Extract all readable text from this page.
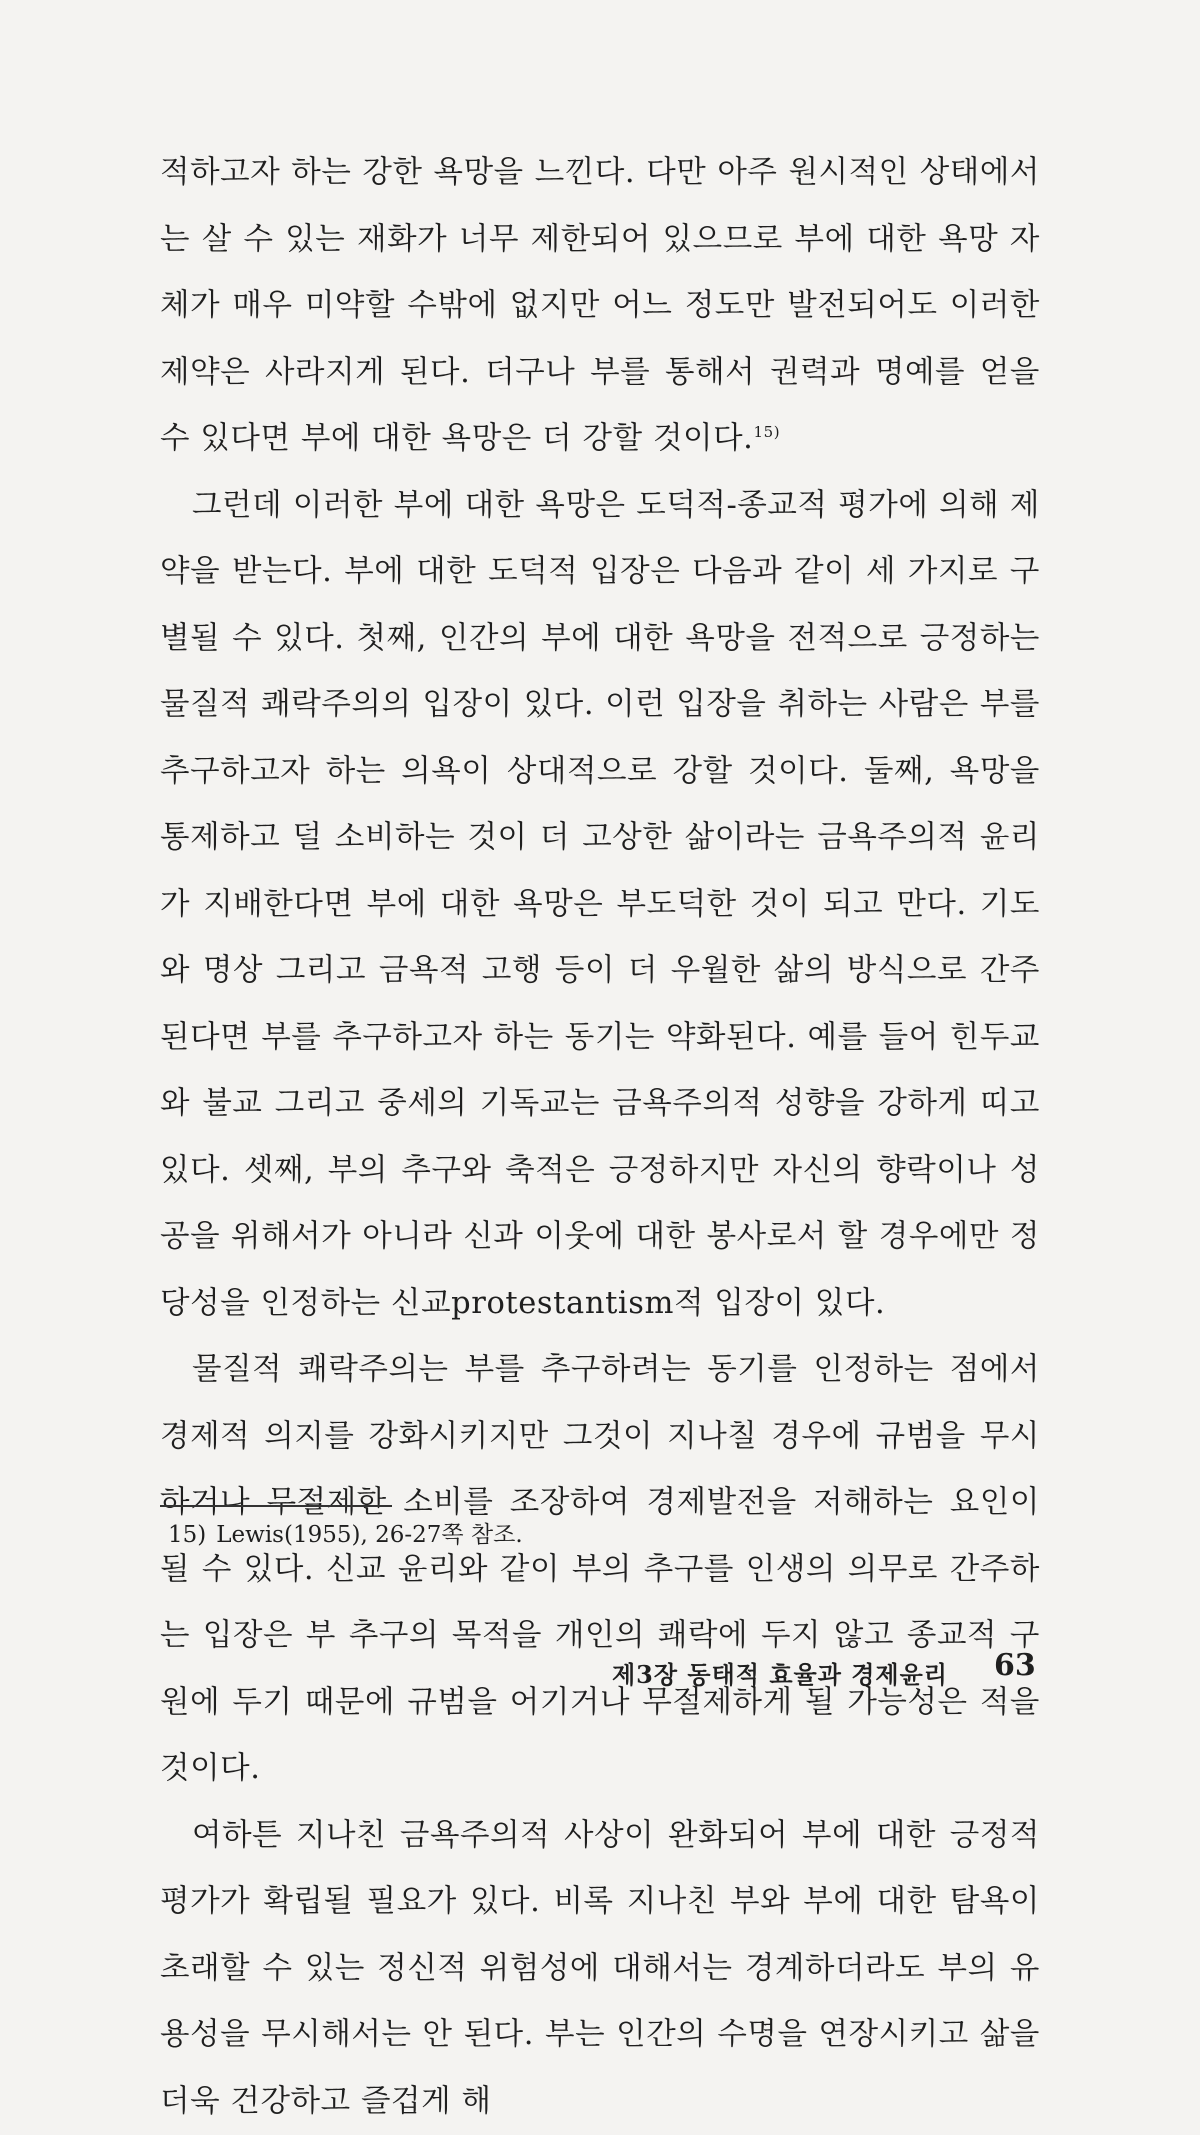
적하고자 하는 강한 욕망을 느낀다. 다만 아주 원시적인 상태에서는 살 수 있는 재화가 너무 제한되어 있으므로 부에 대한 욕망 자체가 매우 미약할 수밖에 없지만 어느 정도만 발전되어도 이러한 제약은 사라지게 된다. 더구나 부를 통해서 권력과 명예를 얻을 수 있다면 부에 대한 욕망은 더 강할 것이다.$^{15)}$

그런데 이러한 부에 대한 욕망은 도덕적-종교적 평가에 의해 제약을 받는다. 부에 대한 도덕적 입장은 다음과 같이 세 가지로 구별될 수 있다. 첫째, 인간의 부에 대한 욕망을 전적으로 긍정하는 물질적 쾌락주의의 입장이 있다. 이런 입장을 취하는 사람은 부를 추구하고자 하는 의욕이 상대적으로 강할 것이다. 둘째, 욕망을 통제하고 덜 소비하는 것이 더 고상한 삶이라는 금욕주의적 윤리가 지배한다면 부에 대한 욕망은 부도덕한 것이 되고 만다. 기도와 명상 그리고 금욕적 고행 등이 더 우월한 삶의 방식으로 간주된다면 부를 추구하고자 하는 동기는 약화된다. 예를 들어 힌두교와 불교 그리고 중세의 기독교는 금욕주의적 성향을 강하게 띠고 있다. 셋째, 부의 추구와 축적은 긍정하지만 자신의 향락이나 성공을 위해서가 아니라 신과 이웃에 대한 봉사로서 할 경우에만 정당성을 인정하는 신교protestantism적 입장이 있다.

물질적 쾌락주의는 부를 추구하려는 동기를 인정하는 점에서 경제적 의지를 강화시키지만 그것이 지나칠 경우에 규범을 무시하거나 무절제한 소비를 조장하여 경제발전을 저해하는 요인이 될 수 있다. 신교 윤리와 같이 부의 추구를 인생의 의무로 간주하는 입장은 부 추구의 목적을 개인의 쾌락에 두지 않고 종교적 구원에 두기 때문에 규범을 어기거나 무절제하게 될 가능성은 적을 것이다.

여하튼 지나친 금욕주의적 사상이 완화되어 부에 대한 긍정적 평가가 확립될 필요가 있다. 비록 지나친 부와 부에 대한 탐욕이 초래할 수 있는 정신적 위험성에 대해서는 경계하더라도 부의 유용성을 무시해서는 안 된다. 부는 인간의 수명을 연장시키고 삶을 더욱 건강하고 즐겁게 해

15) Lewis(1955), 26-27쪽 참조.
제3장 동태적 효율과 경제윤리 63
